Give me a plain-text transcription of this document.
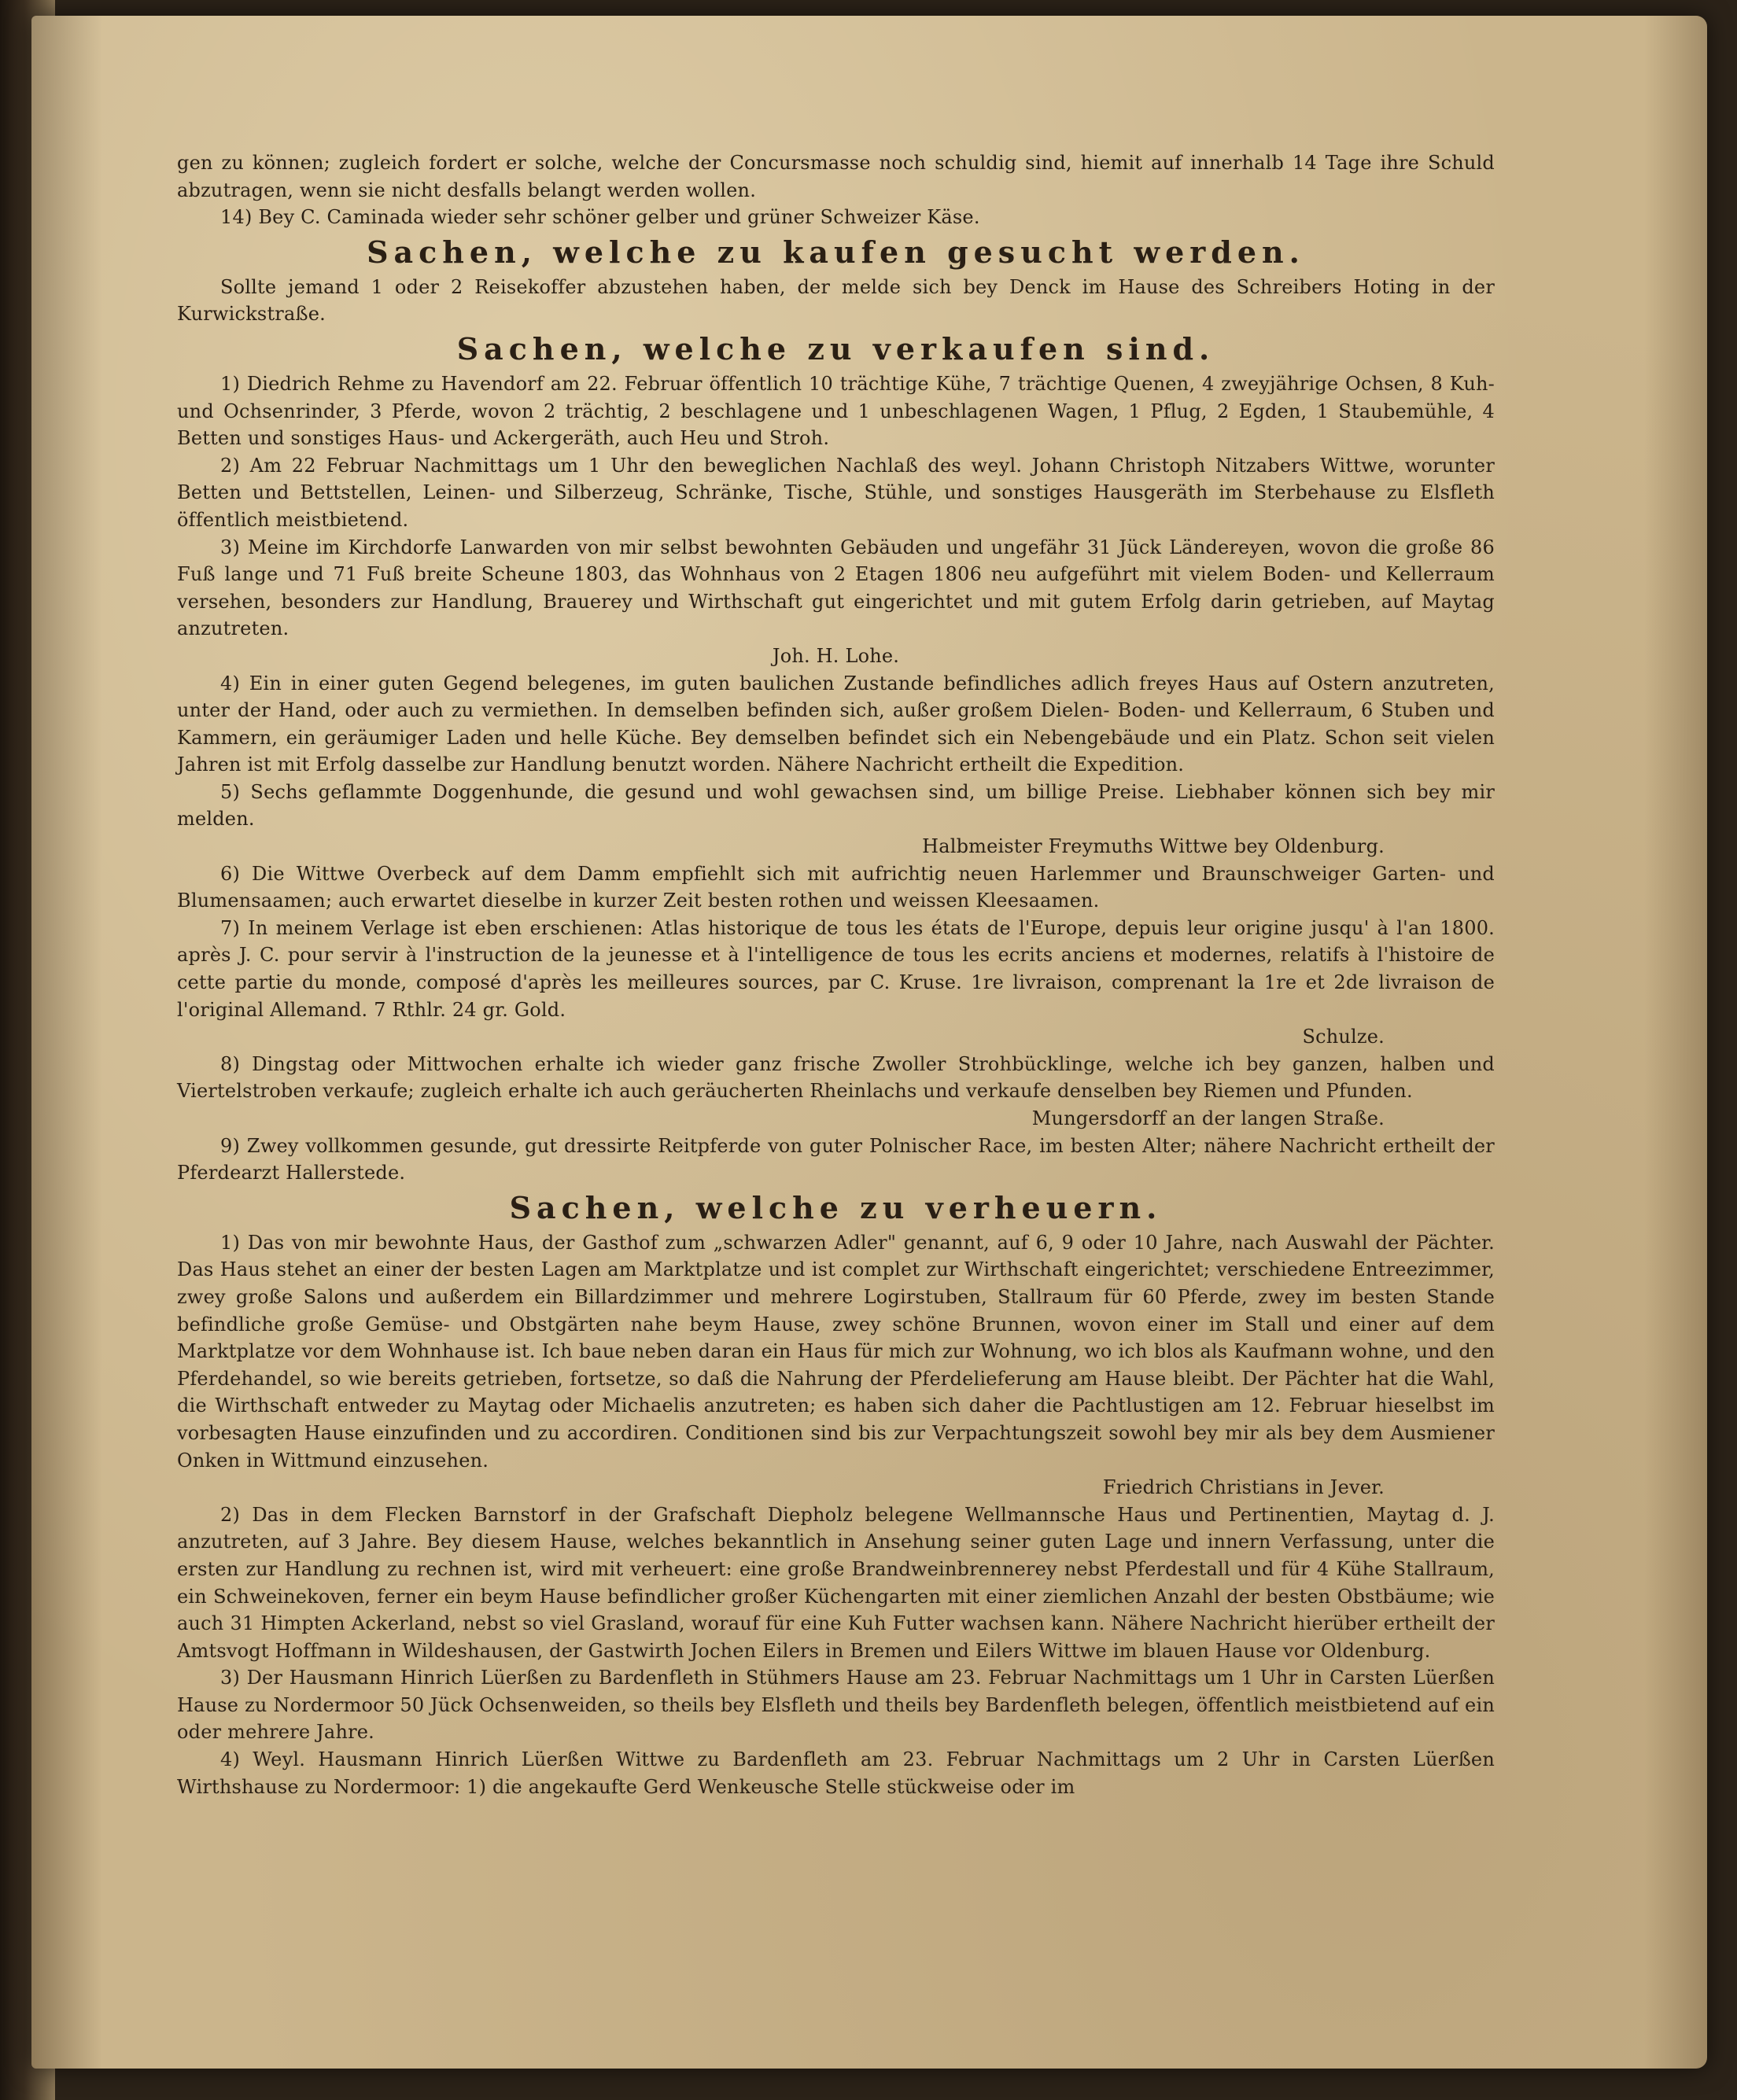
gen zu können; zugleich fordert er solche, welche der Concursmasse noch schuldig sind, hiemit auf innerhalb 14 Tage ihre Schuld abzutragen, wenn sie nicht desfalls belangt werden wollen.

14) Bey C. Caminada wieder sehr schöner gelber und grüner Schweizer Käse.

Sachen, welche zu kaufen gesucht werden.

Sollte jemand 1 oder 2 Reisekoffer abzustehen haben, der melde sich bey Denck im Hause des Schreibers Hoting in der Kurwickstraße.

Sachen, welche zu verkaufen sind.

1) Diedrich Rehme zu Havendorf am 22. Februar öffentlich 10 trächtige Kühe, 7 trächtige Quenen, 4 zweyjährige Ochsen, 8 Kuh- und Ochsenrinder, 3 Pferde, wovon 2 trächtig, 2 beschlagene und 1 unbeschlagenen Wagen, 1 Pflug, 2 Egden, 1 Staubemühle, 4 Betten und sonstiges Haus- und Ackergeräth, auch Heu und Stroh.

2) Am 22 Februar Nachmittags um 1 Uhr den beweglichen Nachlaß des weyl. Johann Christoph Nitzabers Wittwe, worunter Betten und Bettstellen, Leinen- und Silberzeug, Schränke, Tische, Stühle, und sonstiges Hausgeräth im Sterbehause zu Elsfleth öffentlich meistbietend.

3) Meine im Kirchdorfe Lanwarden von mir selbst bewohnten Gebäuden und ungefähr 31 Jück Ländereyen, wovon die große 86 Fuß lange und 71 Fuß breite Scheune 1803, das Wohnhaus von 2 Etagen 1806 neu aufgeführt mit vielem Boden- und Kellerraum versehen, besonders zur Handlung, Brauerey und Wirthschaft gut eingerichtet und mit gutem Erfolg darin getrieben, auf Maytag anzutreten.

Joh. H. Lohe.

4) Ein in einer guten Gegend belegenes, im guten baulichen Zustande befindliches adlich freyes Haus auf Ostern anzutreten, unter der Hand, oder auch zu vermiethen. In demselben befinden sich, außer großem Dielen- Boden- und Kellerraum, 6 Stuben und Kammern, ein geräumiger Laden und helle Küche. Bey demselben befindet sich ein Nebengebäude und ein Platz. Schon seit vielen Jahren ist mit Erfolg dasselbe zur Handlung benutzt worden. Nähere Nachricht ertheilt die Expedition.

5) Sechs geflammte Doggenhunde, die gesund und wohl gewachsen sind, um billige Preise. Liebhaber können sich bey mir melden.

Halbmeister Freymuths Wittwe bey Oldenburg.

6) Die Wittwe Overbeck auf dem Damm empfiehlt sich mit aufrichtig neuen Harlemmer und Braunschweiger Garten- und Blumensaamen; auch erwartet dieselbe in kurzer Zeit besten rothen und weissen Kleesaamen.

7) In meinem Verlage ist eben erschienen: Atlas historique de tous les états de l'Europe, depuis leur origine jusqu' à l'an 1800. après J. C. pour servir à l'instruction de la jeunesse et à l'intelligence de tous les ecrits anciens et modernes, relatifs à l'histoire de cette partie du monde, composé d'après les meilleures sources, par C. Kruse. 1re livraison, comprenant la 1re et 2de livraison de l'original Allemand. 7 Rthlr. 24 gr. Gold.

Schulze.

8) Dingstag oder Mittwochen erhalte ich wieder ganz frische Zwoller Strohbücklinge, welche ich bey ganzen, halben und Viertelstroben verkaufe; zugleich erhalte ich auch geräucherten Rheinlachs und verkaufe denselben bey Riemen und Pfunden.

Mungersdorff an der langen Straße.

9) Zwey vollkommen gesunde, gut dressirte Reitpferde von guter Polnischer Race, im besten Alter; nähere Nachricht ertheilt der Pferdearzt Hallerstede.

Sachen, welche zu verheuern.

1) Das von mir bewohnte Haus, der Gasthof zum „schwarzen Adler" genannt, auf 6, 9 oder 10 Jahre, nach Auswahl der Pächter. Das Haus stehet an einer der besten Lagen am Marktplatze und ist complet zur Wirthschaft eingerichtet; verschiedene Entreezimmer, zwey große Salons und außerdem ein Billardzimmer und mehrere Logirstuben, Stallraum für 60 Pferde, zwey im besten Stande befindliche große Gemüse- und Obstgärten nahe beym Hause, zwey schöne Brunnen, wovon einer im Stall und einer auf dem Marktplatze vor dem Wohnhause ist. Ich baue neben daran ein Haus für mich zur Wohnung, wo ich blos als Kaufmann wohne, und den Pferdehandel, so wie bereits getrieben, fortsetze, so daß die Nahrung der Pferdelieferung am Hause bleibt. Der Pächter hat die Wahl, die Wirthschaft entweder zu Maytag oder Michaelis anzutreten; es haben sich daher die Pachtlustigen am 12. Februar hieselbst im vorbesagten Hause einzufinden und zu accordiren. Conditionen sind bis zur Verpachtungszeit sowohl bey mir als bey dem Ausmiener Onken in Wittmund einzusehen.

Friedrich Christians in Jever.

2) Das in dem Flecken Barnstorf in der Grafschaft Diepholz belegene Wellmannsche Haus und Pertinentien, Maytag d. J. anzutreten, auf 3 Jahre. Bey diesem Hause, welches bekanntlich in Ansehung seiner guten Lage und innern Verfassung, unter die ersten zur Handlung zu rechnen ist, wird mit verheuert: eine große Brandweinbrennerey nebst Pferdestall und für 4 Kühe Stallraum, ein Schweinekoven, ferner ein beym Hause befindlicher großer Küchengarten mit einer ziemlichen Anzahl der besten Obstbäume; wie auch 31 Himpten Ackerland, nebst so viel Grasland, worauf für eine Kuh Futter wachsen kann. Nähere Nachricht hierüber ertheilt der Amtsvogt Hoffmann in Wildeshausen, der Gastwirth Jochen Eilers in Bremen und Eilers Wittwe im blauen Hause vor Oldenburg.

3) Der Hausmann Hinrich Lüerßen zu Bardenfleth in Stühmers Hause am 23. Februar Nachmittags um 1 Uhr in Carsten Lüerßen Hause zu Nordermoor 50 Jück Ochsenweiden, so theils bey Elsfleth und theils bey Bardenfleth belegen, öffentlich meistbietend auf ein oder mehrere Jahre.

4) Weyl. Hausmann Hinrich Lüerßen Wittwe zu Bardenfleth am 23. Februar Nachmittags um 2 Uhr in Carsten Lüerßen Wirthshause zu Nordermoor: 1) die angekaufte Gerd Wenkeusche Stelle stückweise oder im
